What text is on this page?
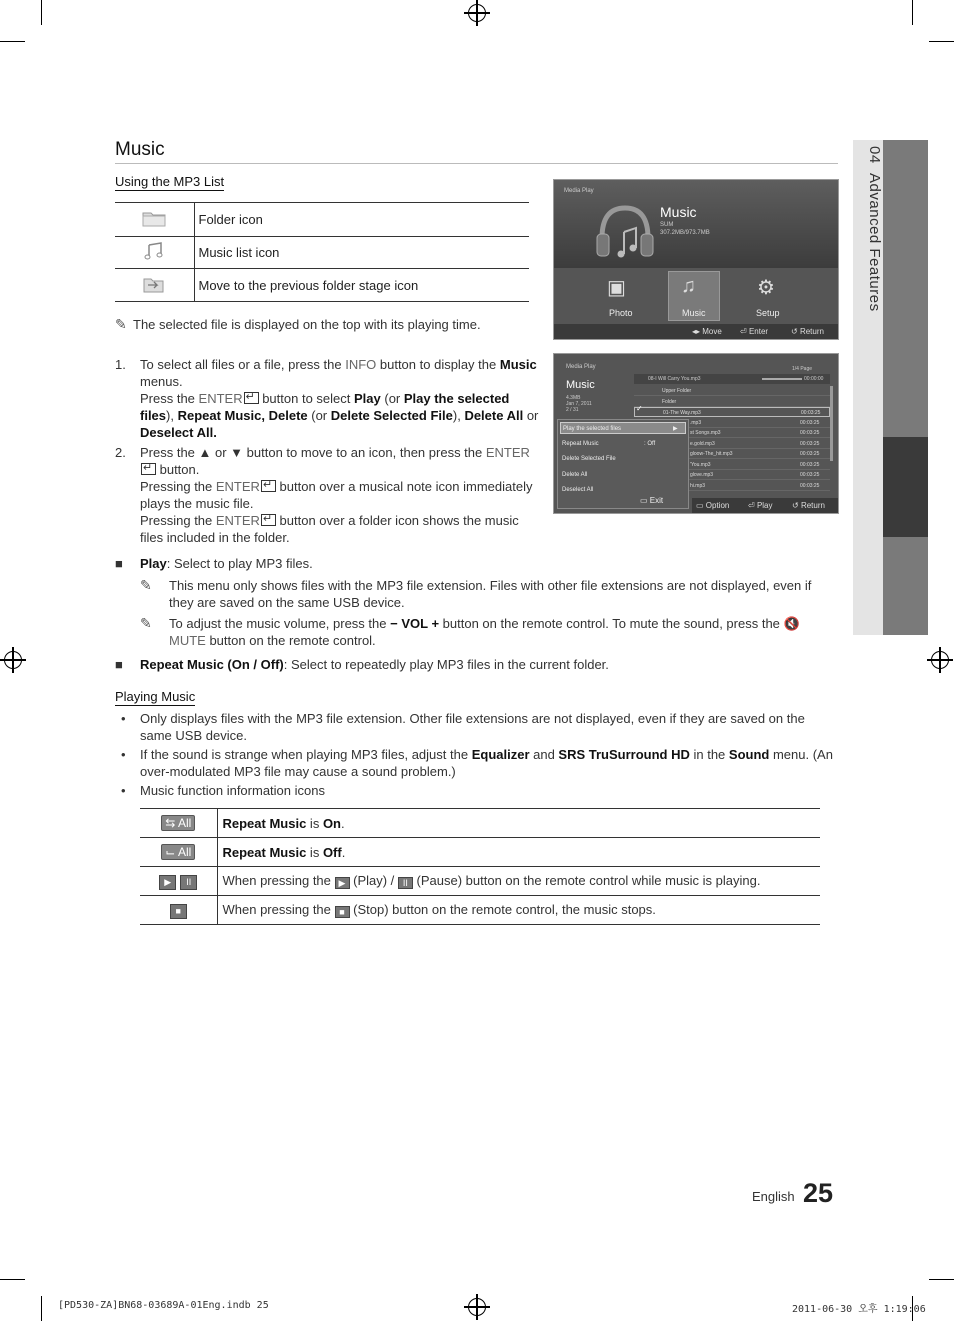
04  Advanced Features
Music
Using the MP3 List
	Folder icon
	Music list icon
	Move to the previous folder stage icon
✎ The selected file is displayed on the top with its playing time.
1.	To select all files or a file, press the INFO button to display the Music menus.
Press the ENTER↵ button to select Play (or Play the selected files), Repeat Music, Delete (or Delete Selected File), Delete All or Deselect All.
2.	Press the ▲ or ▼ button to move to an icon, then press the ENTER↵ button.
Pressing the ENTER↵ button over a musical note icon immediately plays the music file.
Pressing the ENTER↵ button over a folder icon shows the music files included in the folder.
Media Play
Music
SUM
307.2MB/973.7MB
▣	♫	⚙
Photo	Music	Setup
◂▸ Move ⏎ Enter	↺ Return
Media Play
Music
4.3MB
Jan 7, 2011
2 / 31
1/4 Page
08-I Will Carry You.mp3	00:00:00
Upper Folder
Folder
01-The Way.mp3	00:03:25
.mp3	00:03:25
st Songs.mp3	00:03:25
e.gold.mp3	00:03:25
gloow-The_hit.mp3	00:03:25
'You.mp3	00:03:25
glove.mp3	00:03:25
hi.mp3	00:03:25
✓
Play the selected files	▶
Repeat Music	: Off
Delete Selected File
Delete All
Deselect All
▭ Exit
▭ Option ⏎ Play ↺ Return
■ Play: Select to play MP3 files.
✎	This menu only shows files with the MP3 file extension. Files with other file extensions are not displayed, even if they are saved on the same USB device.
✎	To adjust the music volume, press the − VOL + button on the remote control. To mute the sound, press the 🔇MUTE button on the remote control.
■ Repeat Music (On / Off): Select to repeatedly play MP3 files in the current folder.
Playing Music
• Only displays files with the MP3 file extension. Other file extensions are not displayed, even if they are saved on the same USB device.
• If the sound is strange when playing MP3 files, adjust the Equalizer and SRS TruSurround HD in the Sound menu. (An over-modulated MP3 file may cause a sound problem.)
• Music function information icons
⇆ All	Repeat Music is On.
⌙ All	Repeat Music is Off.
▶ II	When pressing the ▶ (Play) / II (Pause) button on the remote control while music is playing.
■	When pressing the ■ (Stop) button on the remote control, the music stops.
English 25
[PD530-ZA]BN68-03689A-01Eng.indb 25	2011-06-30 오후 1:19:06
